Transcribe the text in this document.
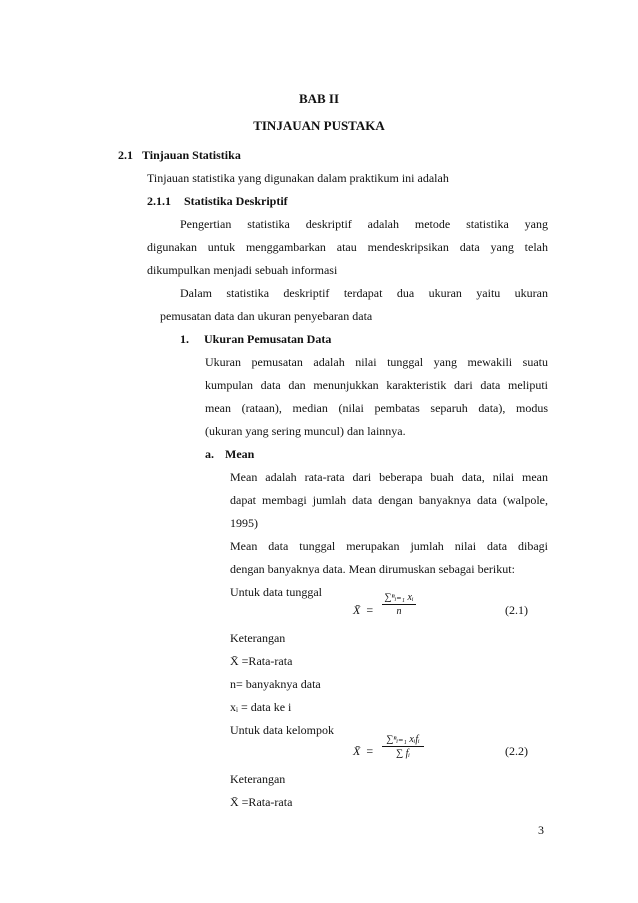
BAB II
TINJAUAN PUSTAKA
2.1 Tinjauan Statistika
Tinjauan statistika yang digunakan dalam praktikum ini adalah
2.1.1 Statistika Deskriptif
Pengertian statistika deskriptif adalah metode statistika yang
digunakan untuk menggambarkan atau mendeskripsikan data yang telah
dikumpulkan menjadi sebuah informasi
Dalam statistika deskriptif terdapat dua ukuran yaitu ukuran
pemusatan data dan ukuran penyebaran data
1. Ukuran Pemusatan Data
Ukuran pemusatan adalah nilai tunggal yang mewakili suatu
kumpulan data dan menunjukkan karakteristik dari data meliputi
mean (rataan), median (nilai pembatas separuh data), modus
(ukuran yang sering muncul) dan lainnya.
a. Mean
Mean adalah rata-rata dari beberapa buah data, nilai mean
dapat membagi jumlah data dengan banyaknya data (walpole,
1995)
Mean data tunggal merupakan jumlah nilai data dibagi
dengan banyaknya data. Mean dirumuskan sebagai berikut:
Untuk data tunggal
X̄ =
∑ⁿᵢ₌₁ xᵢ
n	(2.1)
Keterangan
X̄ =Rata-rata
n= banyaknya data
xᵢ = data ke i
Untuk data kelompok
X̄ =
∑ⁿᵢ₌₁ xᵢfᵢ
∑ fᵢ	(2.2)
Keterangan
X̄ =Rata-rata
3
